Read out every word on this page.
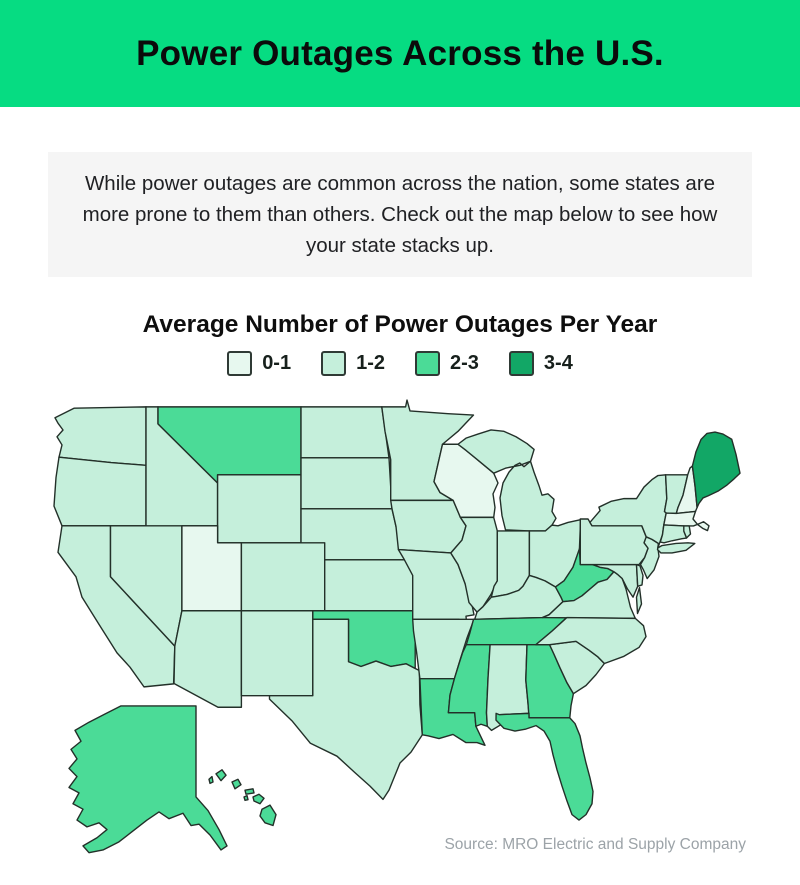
Power Outages Across the U.S.

While power outages are common across the nation, some states are more prone to them than others. Check out the map below to see how your state stacks up.

Average Number of Power Outages Per Year
0-1	1-2	2-3	3-4
Source: MRO Electric and Supply Company
